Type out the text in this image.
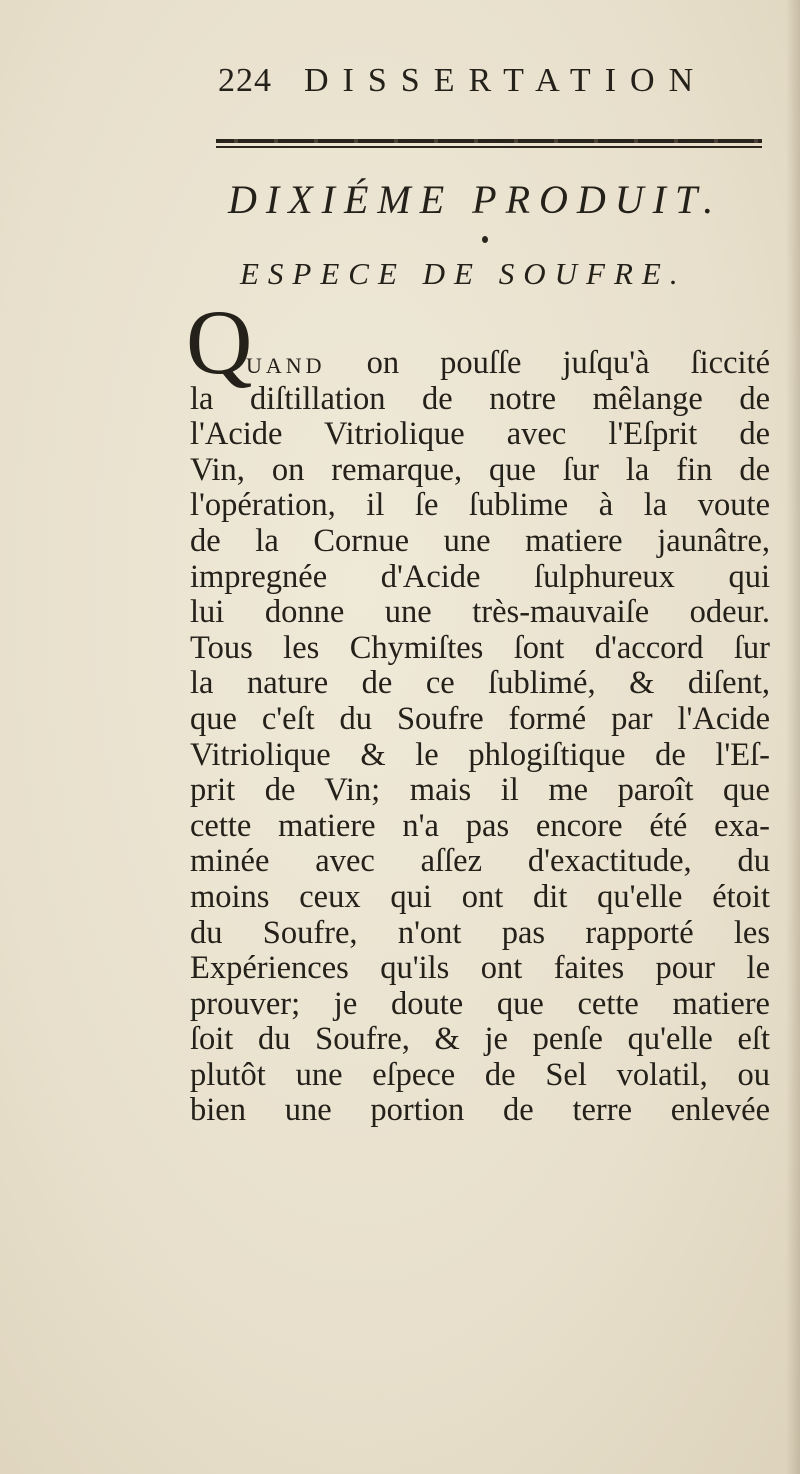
224 DISSERTATION
DIXIÉME PRODUIT.
ESPECE DE SOUFRE.
Q
UAND on pouſſe juſqu'à ſiccité
la diſtillation de notre mêlange de
l'Acide Vitriolique avec l'Eſprit de
Vin, on remarque, que ſur la fin de
l'opération, il ſe ſublime à la voute
de la Cornue une matiere jaunâtre,
impregnée d'Acide ſulphureux qui
lui donne une très-mauvaiſe odeur.
Tous les Chymiſtes ſont d'accord ſur
la nature de ce ſublimé, & diſent,
que c'eſt du Soufre formé par l'Acide
Vitriolique & le phlogiſtique de l'Eſ-
prit de Vin; mais il me paroît que
cette matiere n'a pas encore été exa-
minée avec aſſez d'exactitude, du
moins ceux qui ont dit qu'elle étoit
du Soufre, n'ont pas rapporté les
Expériences qu'ils ont faites pour le
prouver; je doute que cette matiere
ſoit du Soufre, & je penſe qu'elle eſt
plutôt une eſpece de Sel volatil, ou
bien une portion de terre enlevée
